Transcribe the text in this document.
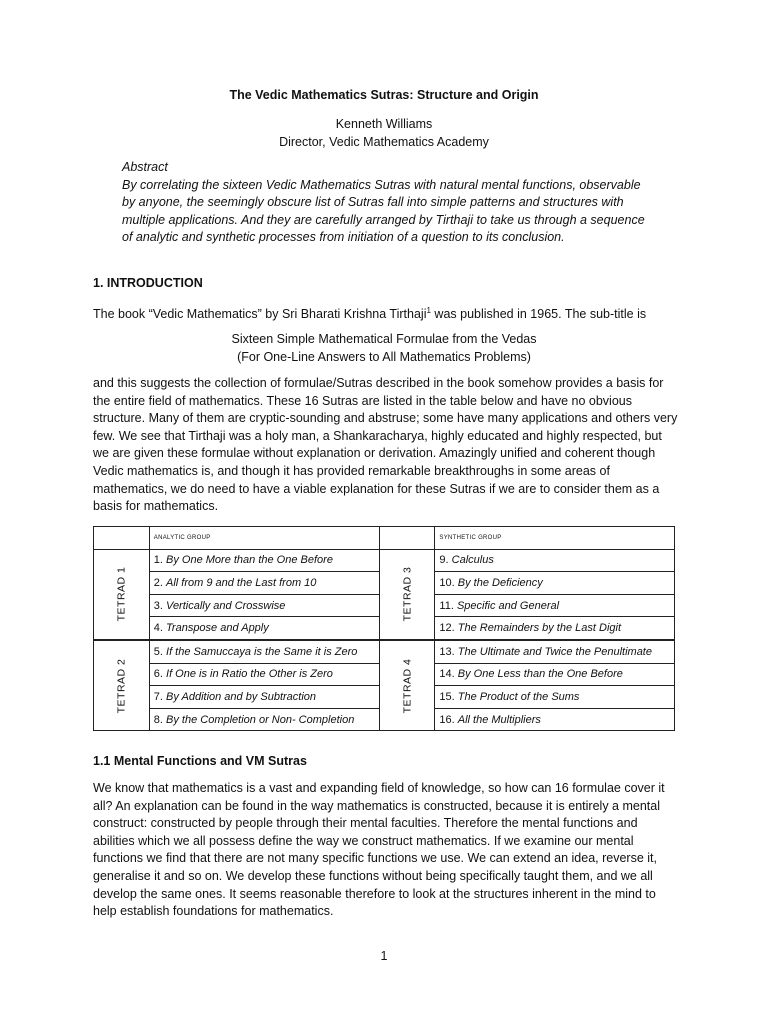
The Vedic Mathematics Sutras: Structure and Origin
Kenneth Williams
Director, Vedic Mathematics Academy
Abstract
By correlating the sixteen Vedic Mathematics Sutras with natural mental functions, observable by anyone, the seemingly obscure list of Sutras fall into simple patterns and structures with multiple applications. And they are carefully arranged by Tirthaji to take us through a sequence of analytic and synthetic processes from initiation of a question to its conclusion.
1. INTRODUCTION
The book “Vedic Mathematics” by Sri Bharati Krishna Tirthaji$^1$ was published in 1965. The sub-title is
Sixteen Simple Mathematical Formulae from the Vedas
(For One-Line Answers to All Mathematics Problems)
and this suggests the collection of formulae/Sutras described in the book somehow provides a basis for the entire field of mathematics. These 16 Sutras are listed in the table below and have no obvious structure. Many of them are cryptic-sounding and abstruse; some have many applications and others very few. We see that Tirthaji was a holy man, a Shankaracharya, highly educated and highly respected, but we are given these formulae without explanation or derivation. Amazingly unified and coherent though Vedic mathematics is, and though it has provided remarkable breakthroughs in some areas of mathematics, we do need to have a viable explanation for these Sutras if we are to consider them as a basis for mathematics.
	ANALYTIC GROUP		SYNTHETIC GROUP
TETRAD 1	1. By One More than the One Before	TETRAD 3	9. Calculus
	2. All from 9 and the Last from 10		10. By the Deficiency
	3. Vertically and Crosswise		11. Specific and General
	4. Transpose and Apply		12. The Remainders by the Last Digit
TETRAD 2	5. If the Samuccaya is the Same it is Zero	TETRAD 4	13. The Ultimate and Twice the Penultimate
	6. If One is in Ratio the Other is Zero		14. By One Less than the One Before
	7. By Addition and by Subtraction		15. The Product of the Sums
	8. By the Completion or Non- Completion		16. All the Multipliers
1.1 Mental Functions and VM Sutras
We know that mathematics is a vast and expanding field of knowledge, so how can 16 formulae cover it all? An explanation can be found in the way mathematics is constructed, because it is entirely a mental construct: constructed by people through their mental faculties. Therefore the mental functions and abilities which we all possess define the way we construct mathematics. If we examine our mental functions we find that there are not many specific functions we use. We can extend an idea, reverse it, generalise it and so on. We develop these functions without being specifically taught them, and we all develop the same ones. It seems reasonable therefore to look at the structures inherent in the mind to help establish foundations for mathematics.
1
